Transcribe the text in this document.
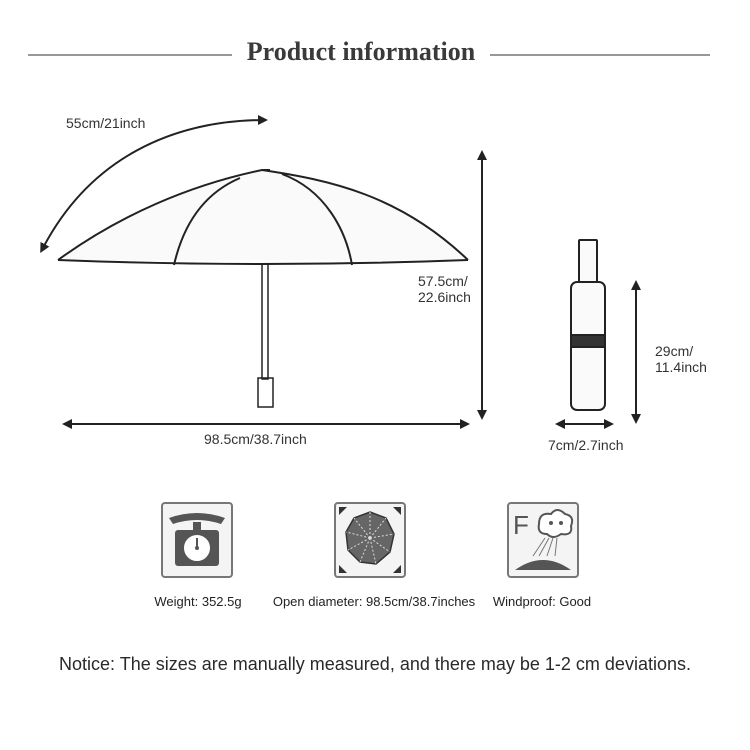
Product information
55cm/21inch
57.5cm/
22.6inch
98.5cm/38.7inch
29cm/
11.4inch
7cm/2.7inch
Weight: 352.5g	Open diameter: 98.5cm/38.7inches
F
Windproof: Good
Notice: The sizes are manually measured, and there may be 1-2 cm deviations.
